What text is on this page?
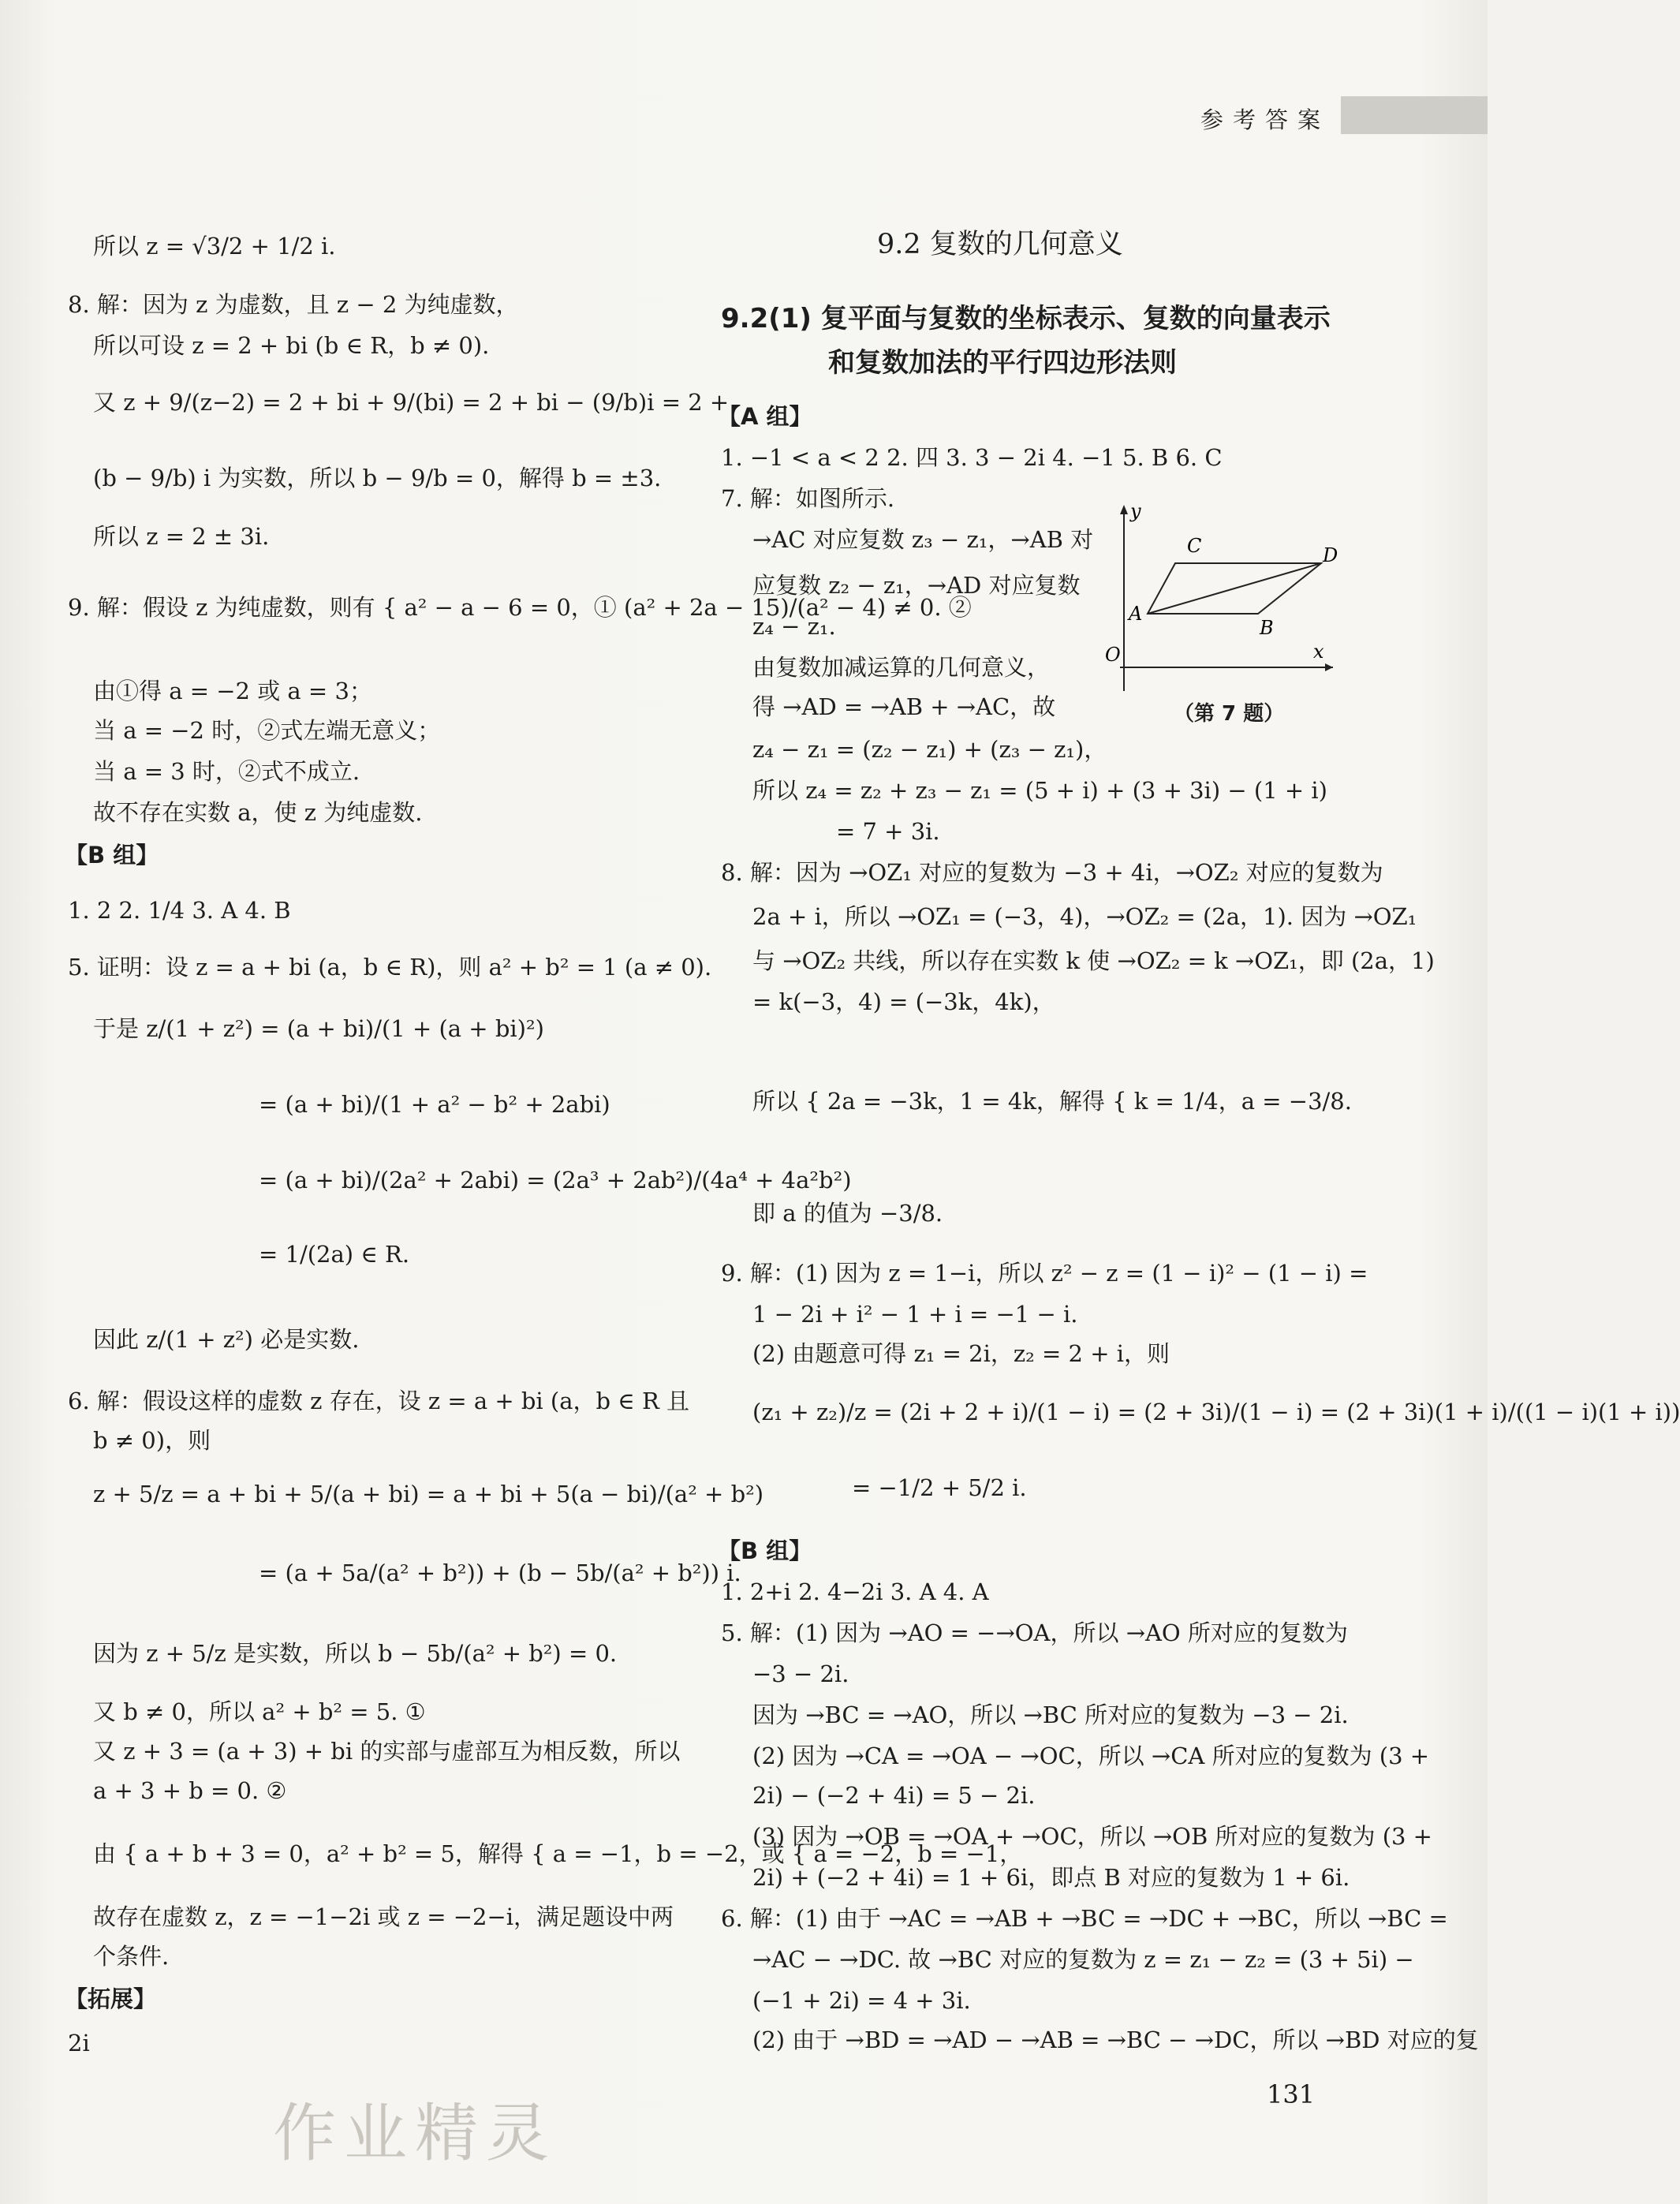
参考答案
所以 z = √3/2 + 1/2 i.
8. 解：因为 z 为虚数，且 z − 2 为纯虚数，
所以可设 z = 2 + bi (b ∈ R，b ≠ 0).
又 z + 9/(z−2) = 2 + bi + 9/(bi) = 2 + bi − (9/b)i = 2 +
(b − 9/b) i 为实数，所以 b − 9/b = 0，解得 b = ±3.
所以 z = 2 ± 3i.
9. 解：假设 z 为纯虚数，则有 { a² − a − 6 = 0，① (a² + 2a − 15)/(a² − 4) ≠ 0. ②
由①得 a = −2 或 a = 3；
当 a = −2 时，②式左端无意义；
当 a = 3 时，②式不成立.
故不存在实数 a，使 z 为纯虚数.
【B 组】
1. 2 2. 1/4 3. A 4. B
5. 证明：设 z = a + bi (a，b ∈ R)，则 a² + b² = 1 (a ≠ 0).
于是 z/(1 + z²) = (a + bi)/(1 + (a + bi)²)
= (a + bi)/(1 + a² − b² + 2abi)
= (a + bi)/(2a² + 2abi) = (2a³ + 2ab²)/(4a⁴ + 4a²b²)
= 1/(2a) ∈ R.
因此 z/(1 + z²) 必是实数.
6. 解：假设这样的虚数 z 存在，设 z = a + bi (a，b ∈ R 且
b ≠ 0)，则
z + 5/z = a + bi + 5/(a + bi) = a + bi + 5(a − bi)/(a² + b²)
= (a + 5a/(a² + b²)) + (b − 5b/(a² + b²)) i.
因为 z + 5/z 是实数，所以 b − 5b/(a² + b²) = 0.
又 b ≠ 0，所以 a² + b² = 5. ①
又 z + 3 = (a + 3) + bi 的实部与虚部互为相反数，所以
a + 3 + b = 0. ②
由 { a + b + 3 = 0，a² + b² = 5，解得 { a = −1，b = −2，或 { a = −2，b = −1，
故存在虚数 z，z = −1−2i 或 z = −2−i，满足题设中两
个条件.
【拓展】
2i
9.2 复数的几何意义
9.2(1) 复平面与复数的坐标表示、复数的向量表示
和复数加法的平行四边形法则
【A 组】
1. −1 < a < 2 2. 四 3. 3 − 2i 4. −1 5. B 6. C
7. 解：如图所示.
→AC 对应复数 z₃ − z₁，→AB 对
应复数 z₂ − z₁，→AD 对应复数
z₄ − z₁.
由复数加减运算的几何意义，
得 →AD = →AB + →AC，故
z₄ − z₁ = (z₂ − z₁) + (z₃ − z₁)，
所以 z₄ = z₂ + z₃ − z₁ = (5 + i) + (3 + 3i) − (1 + i)
= 7 + 3i.
8. 解：因为 →OZ₁ 对应的复数为 −3 + 4i，→OZ₂ 对应的复数为
2a + i，所以 →OZ₁ = (−3，4)，→OZ₂ = (2a，1). 因为 →OZ₁
与 →OZ₂ 共线，所以存在实数 k 使 →OZ₂ = k →OZ₁，即 (2a，1)
= k(−3，4) = (−3k，4k)，
所以 { 2a = −3k，1 = 4k，解得 { k = 1/4，a = −3/8.
即 a 的值为 −3/8.
9. 解：(1) 因为 z = 1−i，所以 z² − z = (1 − i)² − (1 − i) =
1 − 2i + i² − 1 + i = −1 − i.
(2) 由题意可得 z₁ = 2i，z₂ = 2 + i，则
(z₁ + z₂)/z = (2i + 2 + i)/(1 − i) = (2 + 3i)/(1 − i) = (2 + 3i)(1 + i)/((1 − i)(1 + i))
= −1/2 + 5/2 i.
【B 组】
1. 2+i 2. 4−2i 3. A 4. A
5. 解：(1) 因为 →AO = −→OA，所以 →AO 所对应的复数为
−3 − 2i.
因为 →BC = →AO，所以 →BC 所对应的复数为 −3 − 2i.
(2) 因为 →CA = →OA − →OC，所以 →CA 所对应的复数为 (3 +
2i) − (−2 + 4i) = 5 − 2i.
(3) 因为 →OB = →OA + →OC，所以 →OB 所对应的复数为 (3 +
2i) + (−2 + 4i) = 1 + 6i，即点 B 对应的复数为 1 + 6i.
6. 解：(1) 由于 →AC = →AB + →BC = →DC + →BC，所以 →BC =
→AC − →DC. 故 →BC 对应的复数为 z = z₁ − z₂ = (3 + 5i) −
(−1 + 2i) = 4 + 3i.
(2) 由于 →BD = →AD − →AB = →BC − →DC，所以 →BD 对应的复
y
x
O
A
B
C	D
（第 7 题）
作业精灵
131
